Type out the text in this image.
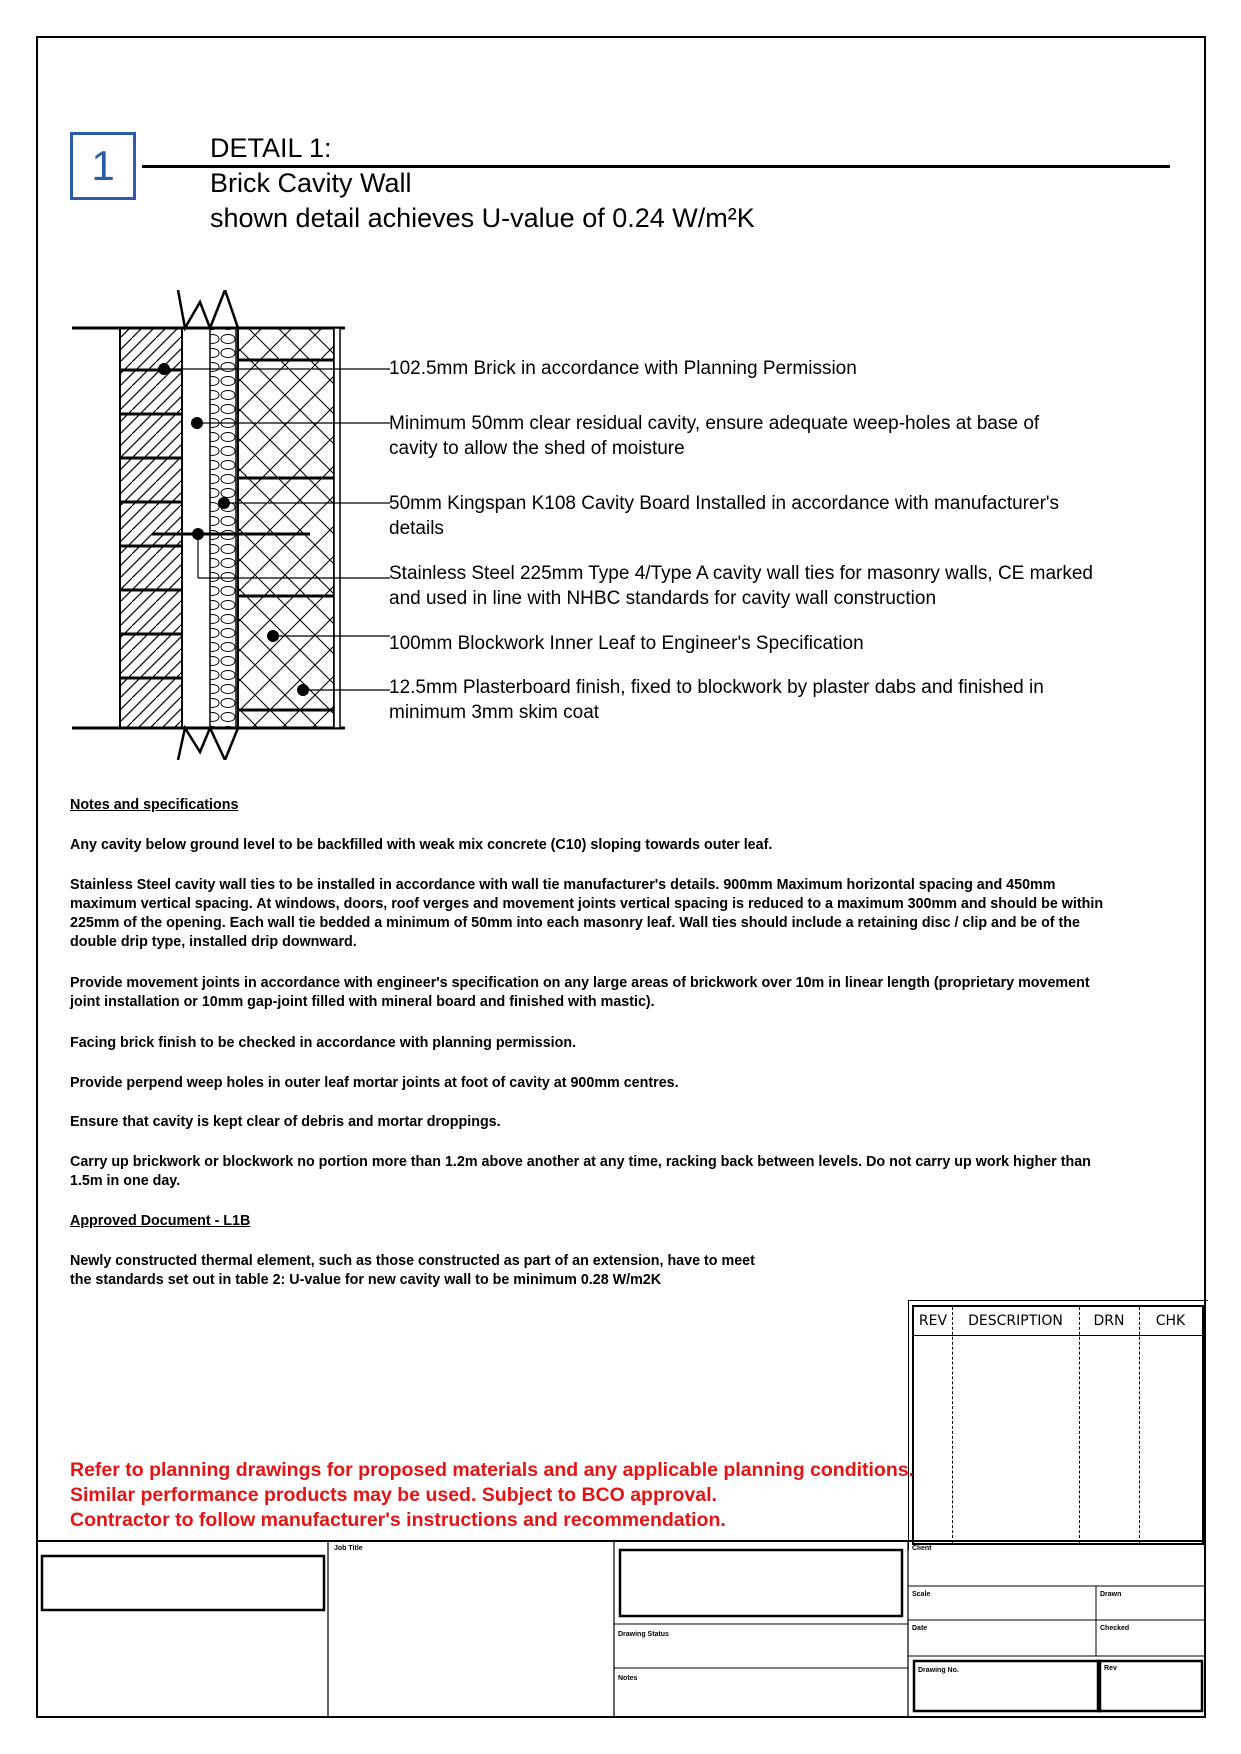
1	DETAIL 1:
Brick Cavity Wall
shown detail achieves U-value of 0.24 W/m²K
102.5mm Brick in accordance with Planning Permission
Minimum 50mm clear residual cavity, ensure adequate weep-holes at base of
cavity to allow the shed of moisture
50mm Kingspan K108 Cavity Board Installed in accordance with manufacturer's
details
Stainless Steel 225mm Type 4/Type A cavity wall ties for masonry walls, CE marked
and used in line with NHBC standards for cavity wall construction
100mm Blockwork Inner Leaf to Engineer's Specification
12.5mm Plasterboard finish, fixed to blockwork by plaster dabs and finished in
minimum 3mm skim coat
Notes and specifications
Any cavity below ground level to be backfilled with weak mix concrete (C10) sloping towards outer leaf.
Stainless Steel cavity wall ties to be installed in accordance with wall tie manufacturer's details. 900mm Maximum horizontal spacing and 450mm
maximum vertical spacing. At windows, doors, roof verges and movement joints vertical spacing is reduced to a maximum 300mm and should be within
225mm of the opening. Each wall tie bedded a minimum of 50mm into each masonry leaf. Wall ties should include a retaining disc / clip and be of the
double drip type, installed drip downward.
Provide movement joints in accordance with engineer's specification on any large areas of brickwork over 10m in linear length (proprietary movement
joint installation or 10mm gap-joint filled with mineral board and finished with mastic).
Facing brick finish to be checked in accordance with planning permission.
Provide perpend weep holes in outer leaf mortar joints at foot of cavity at 900mm centres.
Ensure that cavity is kept clear of debris and mortar droppings.
Carry up brickwork or blockwork no portion more than 1.2m above another at any time, racking back between levels. Do not carry up work higher than
1.5m in one day.
Approved Document - L1B
Newly constructed thermal element, such as those constructed as part of an extension, have to meet
the standards set out in table 2: U-value for new cavity wall to be minimum 0.28 W/m2K
REV	DESCRIPTION	DRN	CHK
Refer to planning drawings for proposed materials and any applicable planning conditions.
Similar performance products may be used. Subject to BCO approval.
Contractor to follow manufacturer's instructions and recommendation.
Job Title
Drawing Status
Notes
Client
Scale	Drawn
Date	Checked
Drawing No.	Rev
